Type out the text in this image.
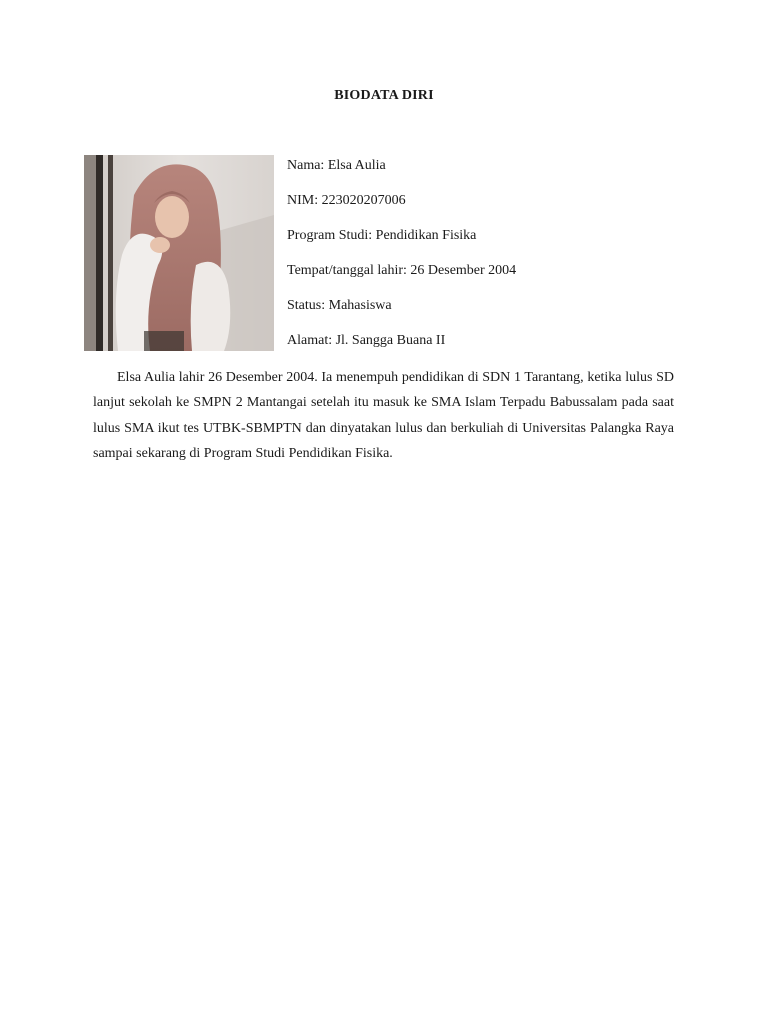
BIODATA DIRI
Nama: Elsa Aulia
NIM: 223020207006
Program Studi: Pendidikan Fisika
Tempat/tanggal lahir: 26 Desember 2004
Status: Mahasiswa
Alamat: Jl. Sangga Buana II

Elsa Aulia lahir 26 Desember 2004. Ia menempuh pendidikan di SDN 1 Tarantang, ketika lulus SD lanjut sekolah ke SMPN 2 Mantangai setelah itu masuk ke SMA Islam Terpadu Babussalam pada saat lulus SMA ikut tes UTBK-SBMPTN dan dinyatakan lulus dan berkuliah di Universitas Palangka Raya sampai sekarang di Program Studi Pendidikan Fisika.
